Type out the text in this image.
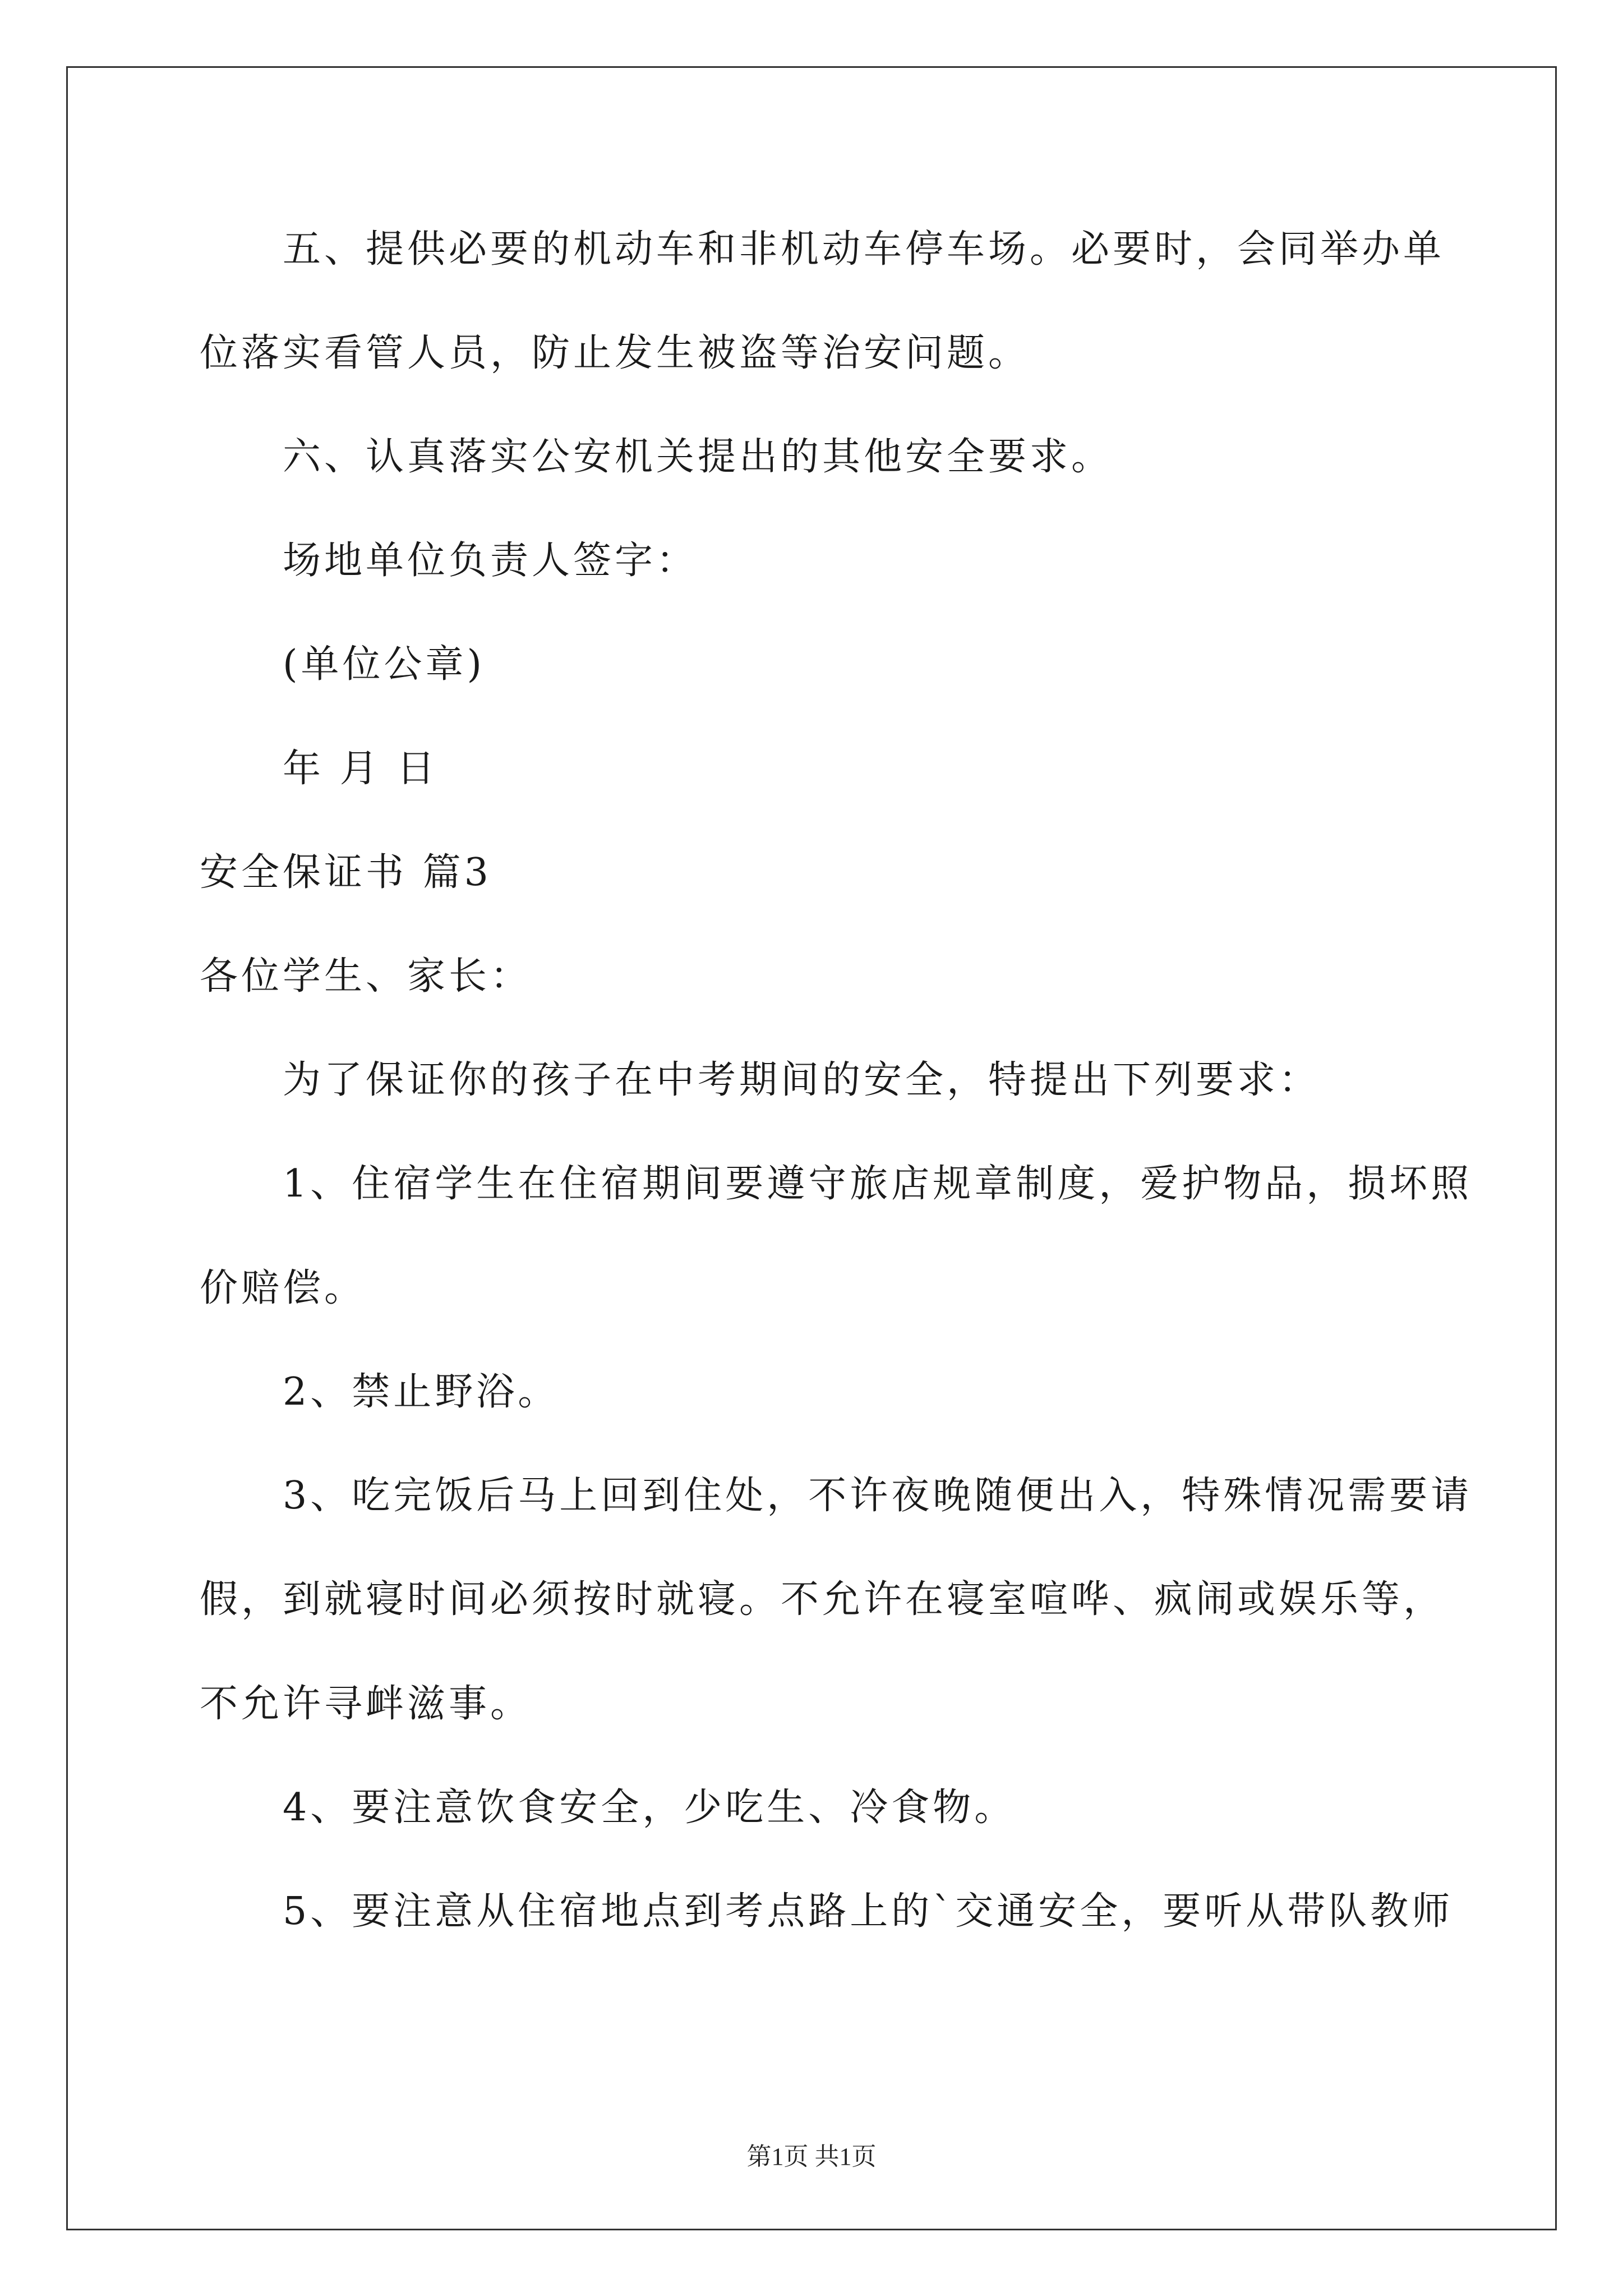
五、提供必要的机动车和非机动车停车场。必要时，会同举办单
位落实看管人员，防止发生被盗等治安问题。
六、认真落实公安机关提出的其他安全要求。
场地单位负责人签字：
(单位公章)
年 月 日
安全保证书 篇3
各位学生、家长：
为了保证你的孩子在中考期间的安全，特提出下列要求：
1、住宿学生在住宿期间要遵守旅店规章制度，爱护物品，损坏照
价赔偿。
2、禁止野浴。
3、吃完饭后马上回到住处，不许夜晚随便出入，特殊情况需要请
假，到就寝时间必须按时就寝。不允许在寝室喧哗、疯闹或娱乐等，
不允许寻衅滋事。
4、要注意饮食安全，少吃生、冷食物。
5、要注意从住宿地点到考点路上的`交通安全，要听从带队教师
第1页 共1页
